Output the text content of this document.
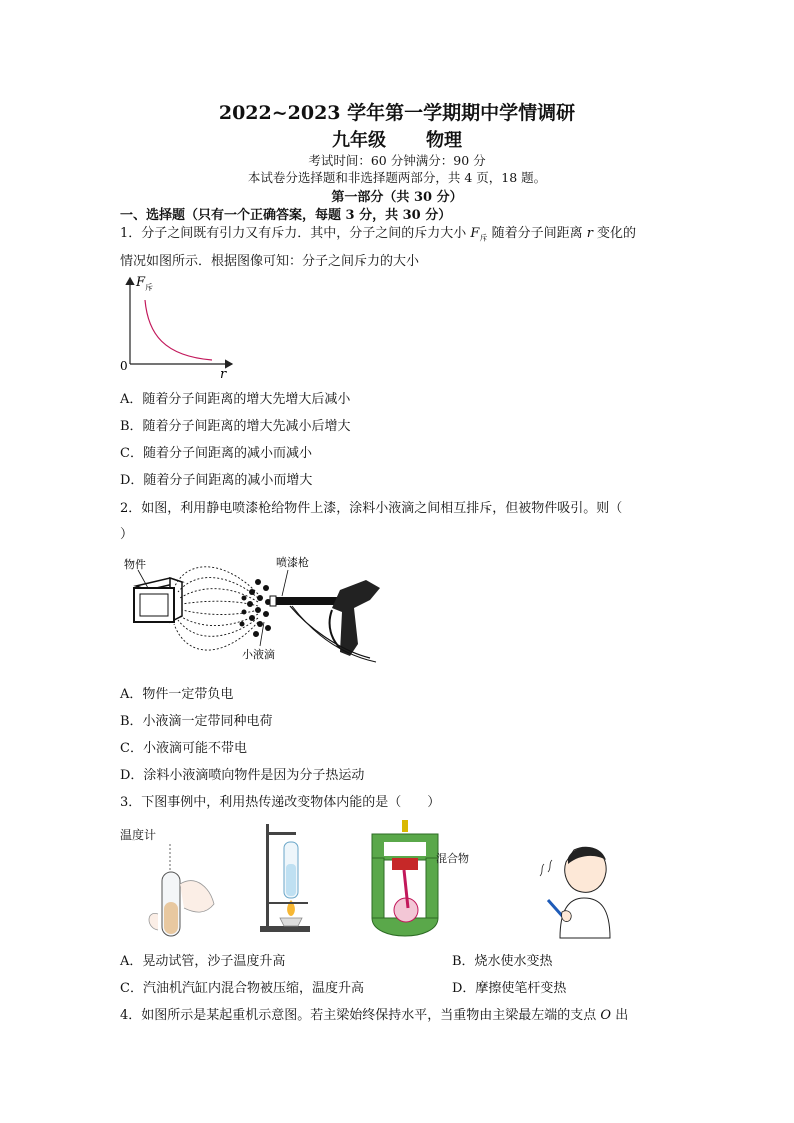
2022~2023 学年第一学期期中学情调研
九年级 物理
考试时间：60 分钟满分：90 分
本试卷分选择题和非选择题两部分，共 4 页，18 题。
第一部分（共 30 分）
一、选择题（只有一个正确答案，每题 3 分，共 30 分）
1．分子之间既有引力又有斥力．其中，分子之间的斥力大小 $F_斥$ 随着分子间距离 r 变化的
情况如图所示．根据图像可知：分子之间斥力的大小
F 斥
0
r
A．随着分子间距离的增大先增大后减小
B．随着分子间距离的增大先减小后增大
C．随着分子间距离的减小而减小
D．随着分子间距离的减小而增大
2．如图，利用静电喷漆枪给物件上漆，涂料小液滴之间相互排斥，但被物件吸引。则（
）
物件	喷漆枪
小液滴
A．物件一定带负电
B．小液滴一定带同种电荷
C．小液滴可能不带电
D．涂料小液滴喷向物件是因为分子热运动
3．下图事例中，利用热传递改变物体内能的是（　　）
温度计
混合物
A．晃动试管，沙子温度升高	B．烧水使水变热
C．汽油机汽缸内混合物被压缩，温度升高	D．摩擦使笔杆变热
4．如图所示是某起重机示意图。若主梁始终保持水平，当重物由主梁最左端的支点 O 出
